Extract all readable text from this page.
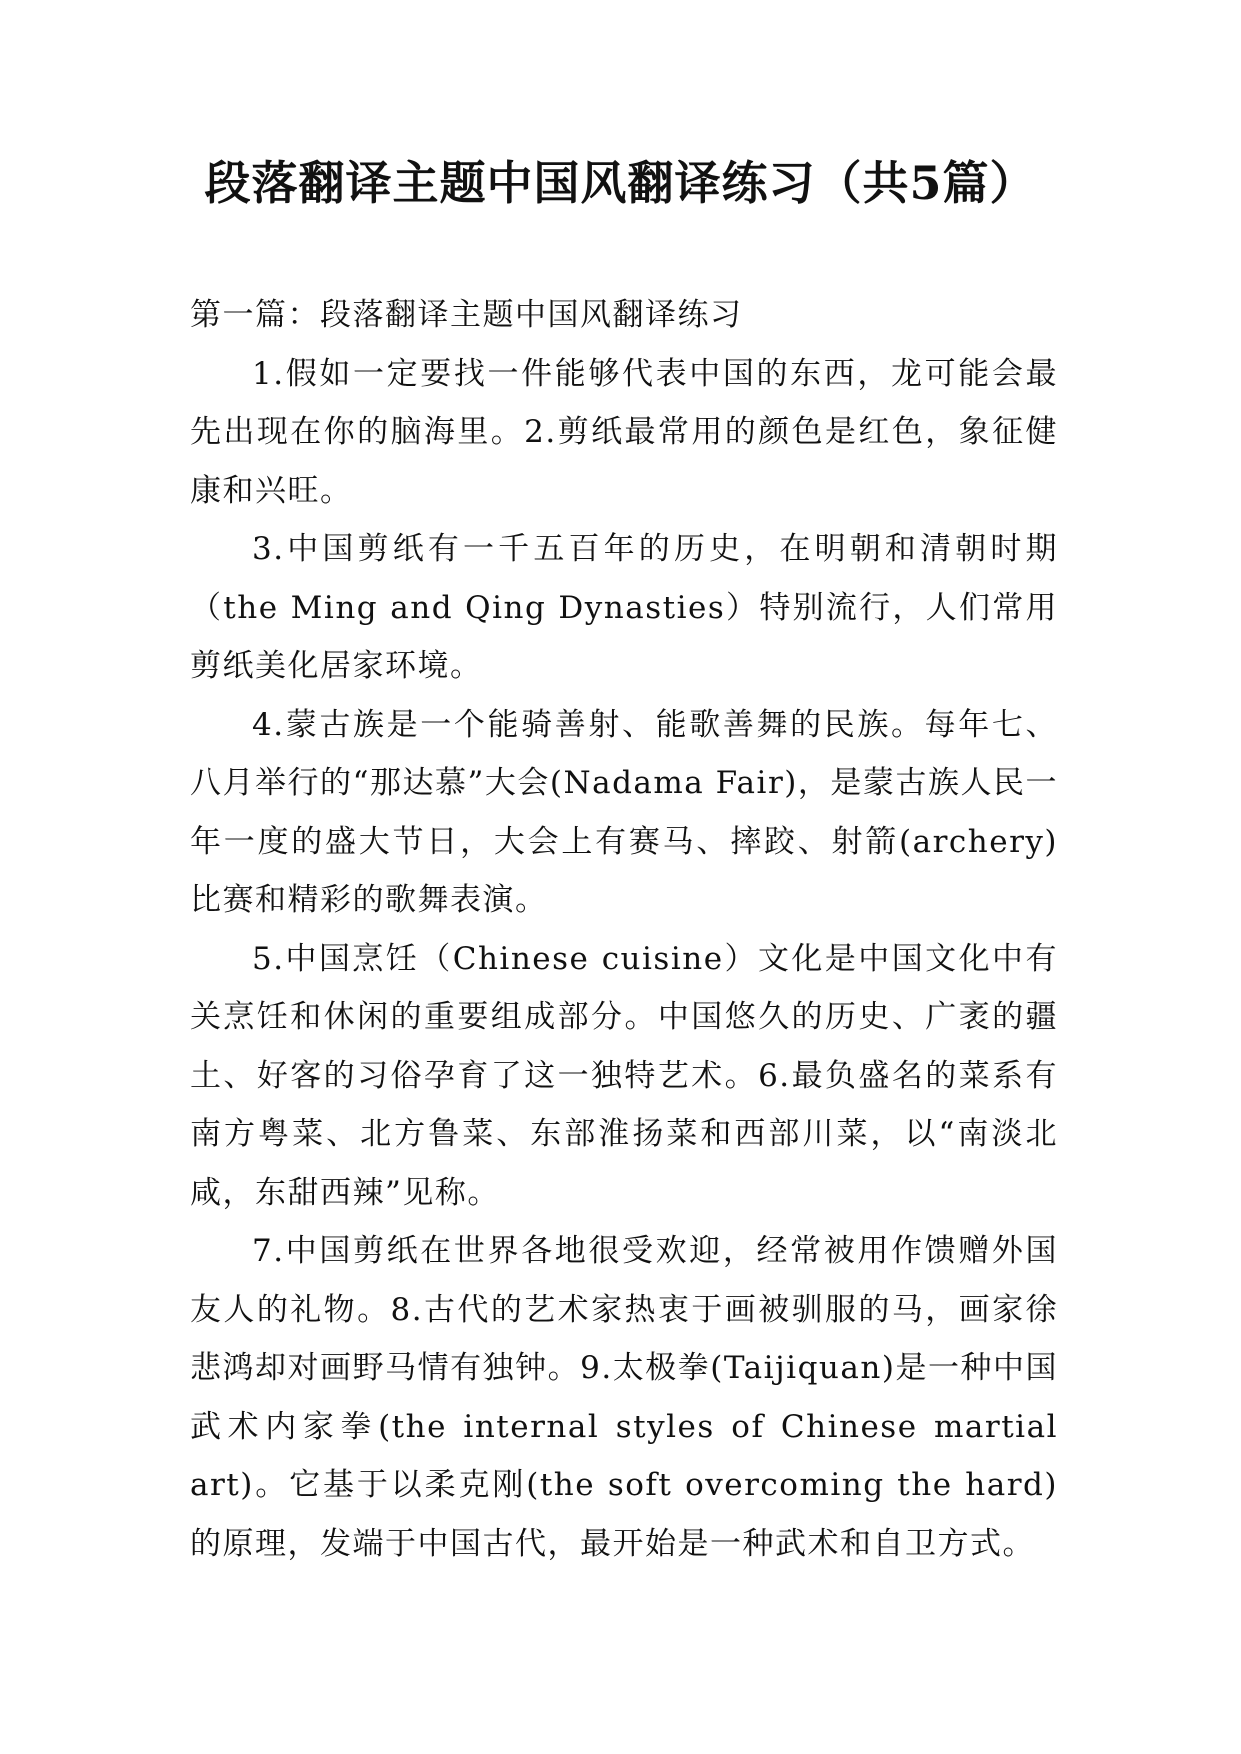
段落翻译主题中国风翻译练习（共5篇）

第一篇：段落翻译主题中国风翻译练习

1.假如一定要找一件能够代表中国的东西，龙可能会最先出现在你的脑海里。2.剪纸最常用的颜色是红色，象征健康和兴旺。

3.中国剪纸有一千五百年的历史，在明朝和清朝时期（the Ming and Qing Dynasties）特别流行，人们常用剪纸美化居家环境。

4.蒙古族是一个能骑善射、能歌善舞的民族。每年七、八月举行的“那达慕”大会(Nadama Fair)，是蒙古族人民一年一度的盛大节日，大会上有赛马、摔跤、射箭(archery)比赛和精彩的歌舞表演。

5.中国烹饪（Chinese cuisine）文化是中国文化中有关烹饪和休闲的重要组成部分。中国悠久的历史、广袤的疆土、好客的习俗孕育了这一独特艺术。6.最负盛名的菜系有南方粤菜、北方鲁菜、东部淮扬菜和西部川菜，以“南淡北咸，东甜西辣”见称。

7.中国剪纸在世界各地很受欢迎，经常被用作馈赠外国友人的礼物。8.古代的艺术家热衷于画被驯服的马，画家徐悲鸿却对画野马情有独钟。9.太极拳(Taijiquan)是一种中国武术内家拳(the internal styles of Chinese martial art)。它基于以柔克刚(the soft overcoming the hard)的原理，发端于中国古代，最开始是一种武术和自卫方式。
